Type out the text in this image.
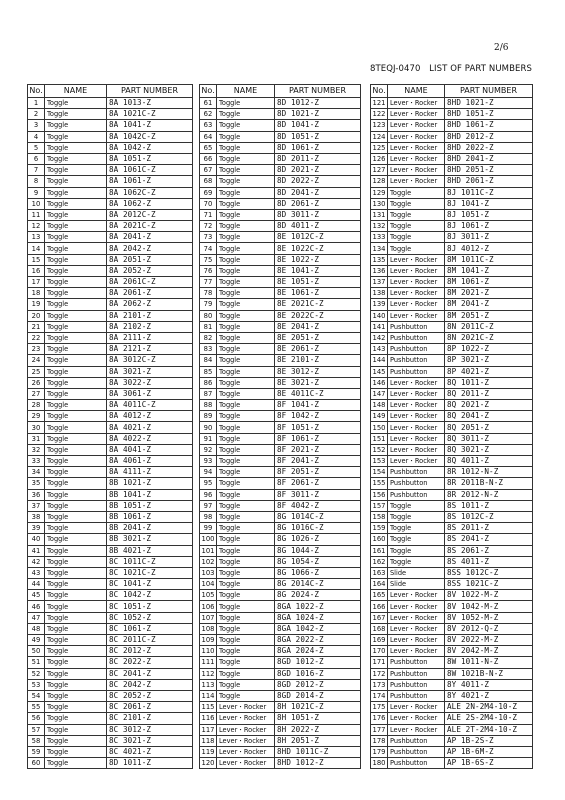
2/6
8TEQJ-0470　LIST OF PART NUMBERS
No.	NAME	PART NUMBER
1	Toggle	8A 1013-Z
2	Toggle	8A 1021C-Z
3	Toggle	8A 1041-Z
4	Toggle	8A 1042C-Z
5	Toggle	8A 1042-Z
6	Toggle	8A 1051-Z
7	Toggle	8A 1061C-Z
8	Toggle	8A 1061-Z
9	Toggle	8A 1062C-Z
10	Toggle	8A 1062-Z
11	Toggle	8A 2012C-Z
12	Toggle	8A 2021C-Z
13	Toggle	8A 2041-Z
14	Toggle	8A 2042-Z
15	Toggle	8A 2051-Z
16	Toggle	8A 2052-Z
17	Toggle	8A 2061C-Z
18	Toggle	8A 2061-Z
19	Toggle	8A 2062-Z
20	Toggle	8A 2101-Z
21	Toggle	8A 2102-Z
22	Toggle	8A 2111-Z
23	Toggle	8A 2121-Z
24	Toggle	8A 3012C-Z
25	Toggle	8A 3021-Z
26	Toggle	8A 3022-Z
27	Toggle	8A 3061-Z
28	Toggle	8A 4011C-Z
29	Toggle	8A 4012-Z
30	Toggle	8A 4021-Z
31	Toggle	8A 4022-Z
32	Toggle	8A 4041-Z
33	Toggle	8A 4061-Z
34	Toggle	8A 4111-Z
35	Toggle	8B 1021-Z
36	Toggle	8B 1041-Z
37	Toggle	8B 1051-Z
38	Toggle	8B 1061-Z
39	Toggle	8B 2041-Z
40	Toggle	8B 3021-Z
41	Toggle	8B 4021-Z
42	Toggle	8C 1011C-Z
43	Toggle	8C 1021C-Z
44	Toggle	8C 1041-Z
45	Toggle	8C 1042-Z
46	Toggle	8C 1051-Z
47	Toggle	8C 1052-Z
48	Toggle	8C 1061-Z
49	Toggle	8C 2011C-Z
50	Toggle	8C 2012-Z
51	Toggle	8C 2022-Z
52	Toggle	8C 2041-Z
53	Toggle	8C 2042-Z
54	Toggle	8C 2052-Z
55	Toggle	8C 2061-Z
56	Toggle	8C 2101-Z
57	Toggle	8C 3012-Z
58	Toggle	8C 3021-Z
59	Toggle	8C 4021-Z
60	Toggle	8D 1011-Z
No.	NAME	PART NUMBER
61	Toggle	8D 1012-Z
62	Toggle	8D 1021-Z
63	Toggle	8D 1041-Z
64	Toggle	8D 1051-Z
65	Toggle	8D 1061-Z
66	Toggle	8D 2011-Z
67	Toggle	8D 2021-Z
68	Toggle	8D 2022-Z
69	Toggle	8D 2041-Z
70	Toggle	8D 2061-Z
71	Toggle	8D 3011-Z
72	Toggle	8D 4011-Z
73	Toggle	8E 1012C-Z
74	Toggle	8E 1022C-Z
75	Toggle	8E 1022-Z
76	Toggle	8E 1041-Z
77	Toggle	8E 1051-Z
78	Toggle	8E 1061-Z
79	Toggle	8E 2021C-Z
80	Toggle	8E 2022C-Z
81	Toggle	8E 2041-Z
82	Toggle	8E 2051-Z
83	Toggle	8E 2061-Z
84	Toggle	8E 2101-Z
85	Toggle	8E 3012-Z
86	Toggle	8E 3021-Z
87	Toggle	8E 4011C-Z
88	Toggle	8F 1041-Z
89	Toggle	8F 1042-Z
90	Toggle	8F 1051-Z
91	Toggle	8F 1061-Z
92	Toggle	8F 2021-Z
93	Toggle	8F 2041-Z
94	Toggle	8F 2051-Z
95	Toggle	8F 2061-Z
96	Toggle	8F 3011-Z
97	Toggle	8F 4042-Z
98	Toggle	8G 1014C-Z
99	Toggle	8G 1016C-Z
100	Toggle	8G 1026-Z
101	Toggle	8G 1044-Z
102	Toggle	8G 1054-Z
103	Toggle	8G 1066-Z
104	Toggle	8G 2014C-Z
105	Toggle	8G 2024-Z
106	Toggle	8GA 1022-Z
107	Toggle	8GA 1024-Z
108	Toggle	8GA 1042-Z
109	Toggle	8GA 2022-Z
110	Toggle	8GA 2024-Z
111	Toggle	8GD 1012-Z
112	Toggle	8GD 1016-Z
113	Toggle	8GD 2012-Z
114	Toggle	8GD 2014-Z
115	Lever・Rocker	8H 1021C-Z
116	Lever・Rocker	8H 1051-Z
117	Lever・Rocker	8H 2022-Z
118	Lever・Rocker	8H 2051-Z
119	Lever・Rocker	8HD 1011C-Z
120	Lever・Rocker	8HD 1012-Z
No.	NAME	PART NUMBER
121	Lever・Rocker	8HD 1021-Z
122	Lever・Rocker	8HD 1051-Z
123	Lever・Rocker	8HD 1061-Z
124	Lever・Rocker	8HD 2012-Z
125	Lever・Rocker	8HD 2022-Z
126	Lever・Rocker	8HD 2041-Z
127	Lever・Rocker	8HD 2051-Z
128	Lever・Rocker	8HD 2061-Z
129	Toggle	8J 1011C-Z
130	Toggle	8J 1041-Z
131	Toggle	8J 1051-Z
132	Toggle	8J 1061-Z
133	Toggle	8J 3011-Z
134	Toggle	8J 4012-Z
135	Lever・Rocker	8M 1011C-Z
136	Lever・Rocker	8M 1041-Z
137	Lever・Rocker	8M 1061-Z
138	Lever・Rocker	8M 2021-Z
139	Lever・Rocker	8M 2041-Z
140	Lever・Rocker	8M 2051-Z
141	Pushbutton	8N 2011C-Z
142	Pushbutton	8N 2021C-Z
143	Pushbutton	8P 1022-Z
144	Pushbutton	8P 3021-Z
145	Pushbutton	8P 4021-Z
146	Lever・Rocker	8Q 1011-Z
147	Lever・Rocker	8Q 2011-Z
148	Lever・Rocker	8Q 2021-Z
149	Lever・Rocker	8Q 2041-Z
150	Lever・Rocker	8Q 2051-Z
151	Lever・Rocker	8Q 3011-Z
152	Lever・Rocker	8Q 3021-Z
153	Lever・Rocker	8Q 4011-Z
154	Pushbutton	8R 1012-N-Z
155	Pushbutton	8R 2011B-N-Z
156	Pushbutton	8R 2012-N-Z
157	Toggle	8S 1011-Z
158	Toggle	8S 1012C-Z
159	Toggle	8S 2011-Z
160	Toggle	8S 2041-Z
161	Toggle	8S 2061-Z
162	Toggle	8S 4011-Z
163	Slide	8SS 1012C-Z
164	Slide	8SS 1021C-Z
165	Lever・Rocker	8V 1022-M-Z
166	Lever・Rocker	8V 1042-M-Z
167	Lever・Rocker	8V 1052-M-Z
168	Lever・Rocker	8V 2012-Q-Z
169	Lever・Rocker	8V 2022-M-Z
170	Lever・Rocker	8V 2042-M-Z
171	Pushbutton	8W 1011-N-Z
172	Pushbutton	8W 1021B-N-Z
173	Pushbutton	8Y 4011-Z
174	Pushbutton	8Y 4021-Z
175	Lever・Rocker	ALE 2N-2M4-10-Z
176	Lever・Rocker	ALE 2S-2M4-10-Z
177	Lever・Rocker	ALE 2T-2M4-10-Z
178	Pushbutton	AP 1B-2S-Z
179	Pushbutton	AP 1B-6M-Z
180	Pushbutton	AP 1B-6S-Z
